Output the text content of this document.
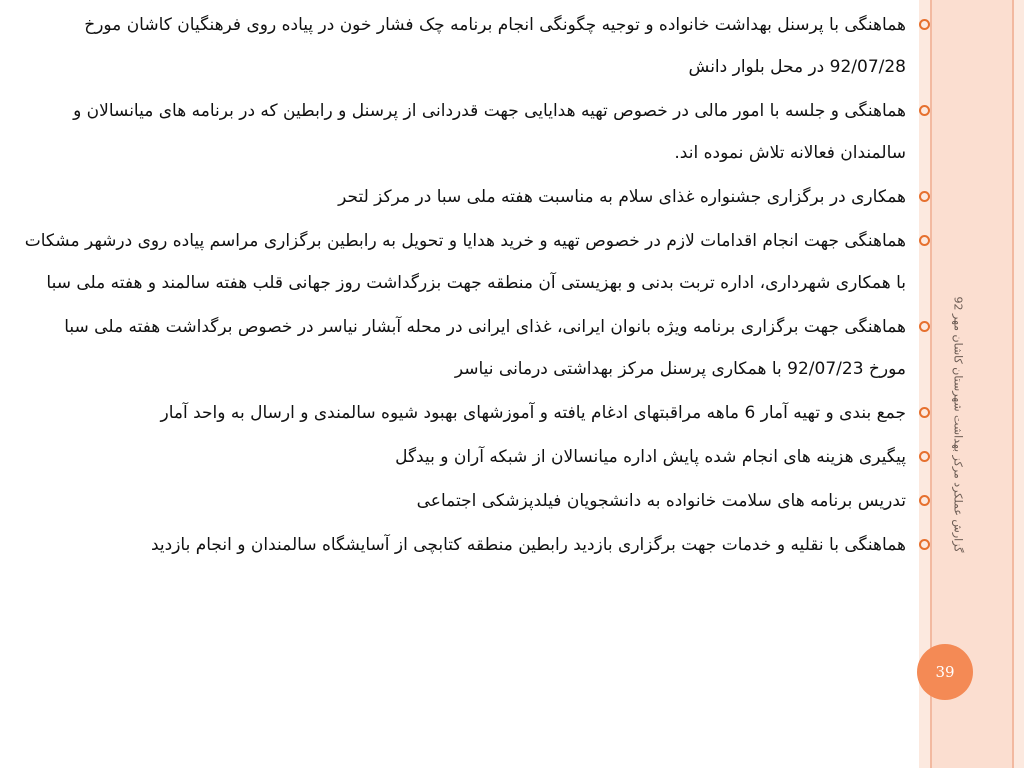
گزارش عملکرد مرکز بهداشت شهرستان کاشان مهر 92
هماهنگی با پرسنل بهداشت خانواده و توجیه چگونگی انجام برنامه چک فشار خون در پیاده روی فرهنگیان کاشان مورخ 92/07/28 در محل بلوار دانش
هماهنگی و جلسه با امور مالی در خصوص تهیه هدایایی جهت قدردانی از پرسنل و رابطین که در برنامه های میانسالان و سالمندان فعالانه تلاش نموده اند.
همکاری در برگزاری جشنواره غذای سلام به مناسبت هفته ملی سبا در مرکز لتحر
هماهنگی جهت انجام اقدامات لازم در خصوص تهیه و خرید هدایا و تحویل به رابطین برگزاری مراسم پیاده روی درشهر مشکات با همکاری شهرداری، اداره تربت بدنی و بهزیستی آن منطقه جهت بزرگداشت روز جهانی قلب هفته سالمند و هفته ملی سبا
هماهنگی جهت برگزاری برنامه ویژه بانوان ایرانی، غذای ایرانی در محله آبشار نیاسر در خصوص برگداشت هفته ملی سبا مورخ 92/07/23 با همکاری پرسنل مرکز بهداشتی درمانی نیاسر
جمع بندی و تهیه آمار 6 ماهه مراقبتهای ادغام یافته و آموزشهای بهبود شیوه سالمندی و ارسال به واحد آمار
پیگیری هزینه های انجام شده پایش اداره میانسالان از شبکه آران و بیدگل
تدریس برنامه های سلامت خانواده به دانشجویان فیلدپزشکی اجتماعی
هماهنگی با نقلیه و خدمات جهت برگزاری بازدید رابطین منطقه کتابچی از آسایشگاه سالمندان و انجام بازدید
39
